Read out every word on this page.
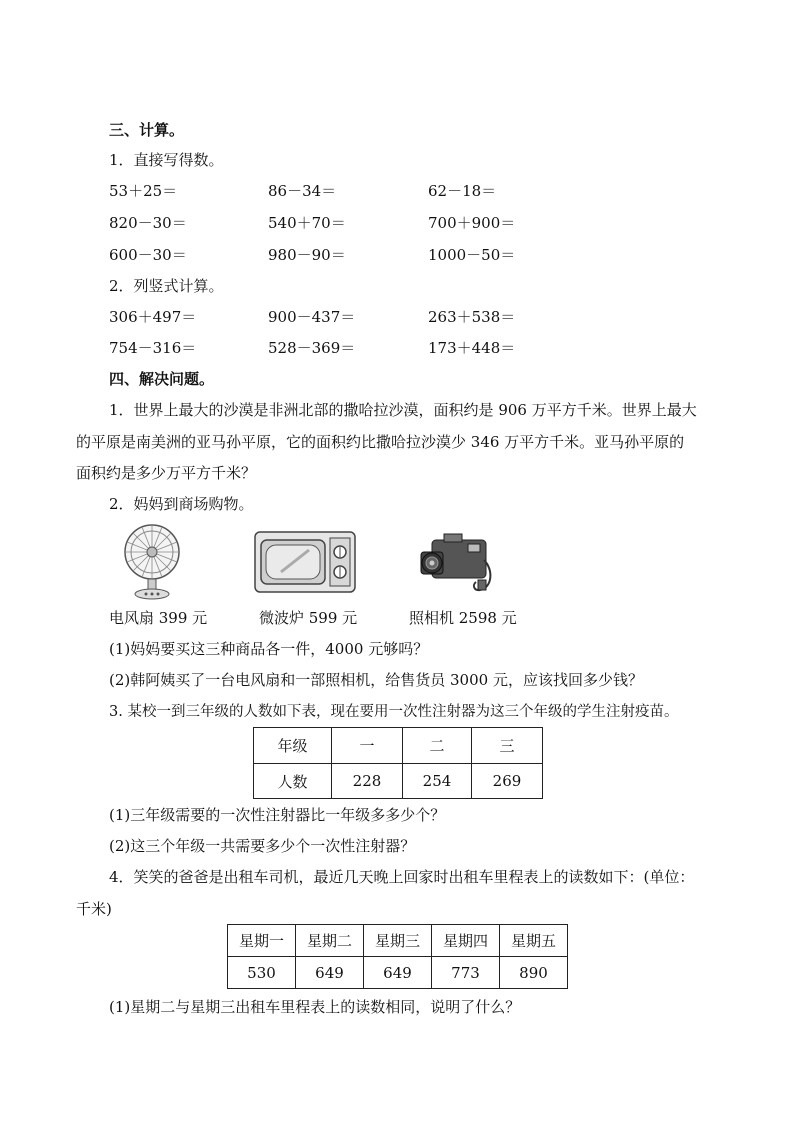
三、计算。
1．直接写得数。
53＋25＝	86－34＝	62－18＝
820－30＝	540＋70＝	700＋900＝
600－30＝	980－90＝	1000－50＝
2．列竖式计算。
306＋497＝	900－437＝	263＋538＝
754－316＝	528－369＝	173＋448＝
四、解决问题。
1．世界上最大的沙漠是非洲北部的撒哈拉沙漠，面积约是 906 万平方千米。世界上最大
的平原是南美洲的亚马孙平原，它的面积约比撒哈拉沙漠少 346 万平方千米。亚马孙平原的
面积约是多少万平方千米？
2．妈妈到商场购物。
电风扇 399 元	微波炉 599 元	照相机 2598 元
(1)妈妈要买这三种商品各一件，4000 元够吗？
(2)韩阿姨买了一台电风扇和一部照相机，给售货员 3000 元，应该找回多少钱？
3. 某校一到三年级的人数如下表，现在要用一次性注射器为这三个年级的学生注射疫苗。
年级	一	二	三
人数	228	254	269
(1)三年级需要的一次性注射器比一年级多多少个？
(2)这三个年级一共需要多少个一次性注射器？
4．笑笑的爸爸是出租车司机，最近几天晚上回家时出租车里程表上的读数如下：(单位：
千米)
星期一	星期二	星期三	星期四	星期五
530	649	649	773	890
(1)星期二与星期三出租车里程表上的读数相同，说明了什么？
